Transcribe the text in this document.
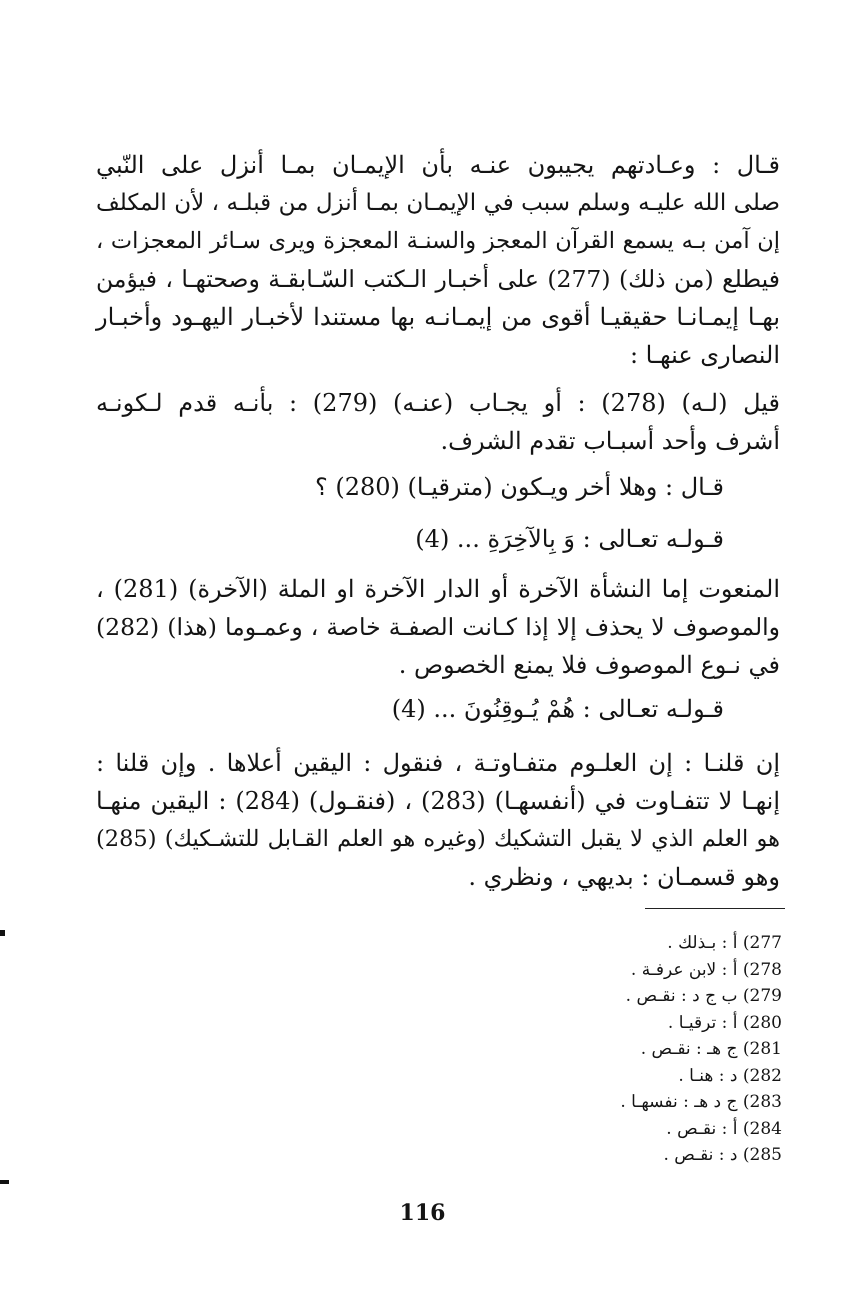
قـال : وعـادتهم يجيبون عنـه بأن الإيمـان بمـا أنزل على النّبي
صلى الله عليـه وسلم سبب في الإيمـان بمـا أنزل من قبلـه ، لأن المكلف
إن آمن بـه يسمع القرآن المعجز والسنـة المعجزة ويرى سـائر المعجزات ،
فيطلع (من ذلك) (277) على أخبـار الـكتب السّـابقـة وصحتهـا ، فيؤمن
بهـا إيمـانـا حقيقيـا أقوى من إيمـانـه بها مستندا لأخبـار اليهـود وأخبـار
النصارى عنهـا :
قيل (لـه) (278) : أو يجـاب (عنـه) (279) : بأنـه قدم لـكونـه
أشرف وأحد أسبـاب تقدم الشرف.
قـال : وهلا أخر ويـكون (مترقيـا) (280) ؟
قـولـه تعـالى : وَ بِالآخِرَةِ ... (4)
المنعوت إما النشأة الآخرة أو الدار الآخرة او الملة (الآخرة) (281) ،
والموصوف لا يحذف إلا إذا كـانت الصفـة خاصة ، وعمـوما (هذا) (282)
في نـوع الموصوف فلا يمنع الخصوص .
قـولـه تعـالى : هُمْ يُـوقِنُونَ ... (4)
إن قلنـا : إن العلـوم متفـاوتـة ، فنقول : اليقين أعلاها . وإن قلنا :
إنهـا لا تتفـاوت في (أنفسهـا) (283) ، (فنقـول) (284) : اليقين منهـا
هو العلم الذي لا يقبل التشكيك (وغيره هو العلم القـابل للتشـكيك) (285)
وهو قسمـان : بديهي ، ونظري .
277) أ : بـذلك .
278) أ : لابن عرفـة .
279) ب ج د : نقـص .
280) أ : ترقيـا .
281) ج هـ : نقـص .
282) د : هنـا .
283) ج د هـ : نفسهـا .
284) أ : نقـص .
285) د : نقـص .
116
